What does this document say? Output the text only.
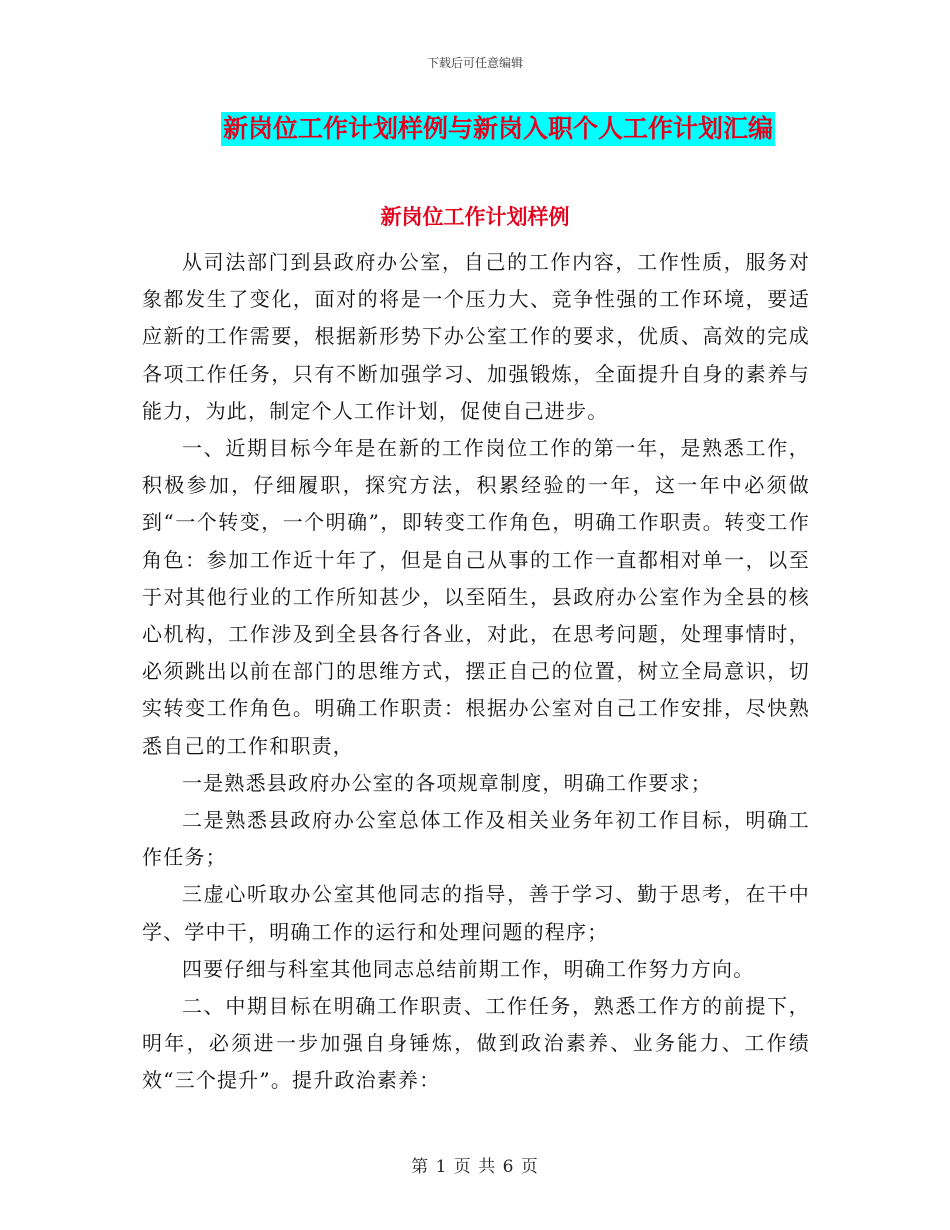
下载后可任意编辑
新岗位工作计划样例与新岗入职个人工作计划汇编
新岗位工作计划样例

从司法部门到县政府办公室，自己的工作内容，工作性质，服务对象都发生了变化，面对的将是一个压力大、竞争性强的工作环境，要适应新的工作需要，根据新形势下办公室工作的要求，优质、高效的完成各项工作任务，只有不断加强学习、加强锻炼，全面提升自身的素养与能力，为此，制定个人工作计划，促使自己进步。

一、近期目标今年是在新的工作岗位工作的第一年，是熟悉工作，积极参加，仔细履职，探究方法，积累经验的一年，这一年中必须做到“一个转变，一个明确”，即转变工作角色，明确工作职责。转变工作角色：参加工作近十年了，但是自己从事的工作一直都相对单一，以至于对其他行业的工作所知甚少，以至陌生，县政府办公室作为全县的核心机构，工作涉及到全县各行各业，对此，在思考问题，处理事情时，必须跳出以前在部门的思维方式，摆正自己的位置，树立全局意识，切实转变工作角色。明确工作职责：根据办公室对自己工作安排，尽快熟悉自己的工作和职责，

一是熟悉县政府办公室的各项规章制度，明确工作要求；

二是熟悉县政府办公室总体工作及相关业务年初工作目标，明确工作任务；

三虚心听取办公室其他同志的指导，善于学习、勤于思考，在干中学、学中干，明确工作的运行和处理问题的程序；

四要仔细与科室其他同志总结前期工作，明确工作努力方向。

二、中期目标在明确工作职责、工作任务，熟悉工作方的前提下，明年，必须进一步加强自身锤炼，做到政治素养、业务能力、工作绩效“三个提升”。提升政治素养：

第 1 页 共 6 页
